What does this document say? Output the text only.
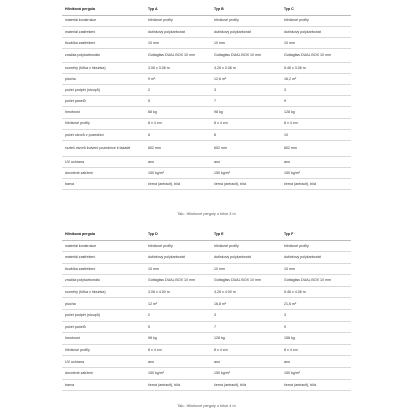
Hliníková pergola	Typ A	Typ B	Typ C
materiál konstrukce	hliníkové profily	hliníkové profily	hliníkové profily
materiál zastřešení	dutinkový polykarbonát	dutinkový polykarbonát	dutinkový polykarbonát
tloušťka zastřešení	10 mm	10 mm	10 mm
značka polykarbonátu	Guttagliss DUAL BOX 10 mm	Guttagliss DUAL BOX 10 mm	Guttagliss DUAL BOX 10 mm
rozměry (šířka x hloubka)	3.06 x 3.06 m	4.26 x 3.06 m	5.46 x 3.06 m
plocha	9 m²	12,6 m²	16,2 m²
počet podpěr (sloupů)	2	3	3
počet panelů	5	7	9
hmotnost	68 kg	98 kg	128 kg
hliníkové profily	8 x 4 cm	8 x 4 cm	8 x 4 cm
počet otvorů v pozednici	6	8	10
rozteč otvorů kotvení pozednice k fasádě	602 mm	602 mm	602 mm
UV ochrana	ano	ano	ano
dovolené zatížení	150 kg/m²	150 kg/m²	150 kg/m²
barva	černá (antracit), bílá	černá (antracit), bílá	černá (antracit), bílá
Tab.: Hliníkové pergoly o šířce 3 m
Hliníková pergola	Typ D	Typ E	Typ F
materiál konstrukce	hliníkové profily	hliníkové profily	hliníkové profily
materiál zastřešení	dutinkový polykarbonát	dutinkový polykarbonát	dutinkový polykarbonát
tloušťka zastřešení	10 mm	10 mm	10 mm
značka polykarbonátu	Guttagliss DUAL BOX 10 mm	Guttagliss DUAL BOX 10 mm	Guttagliss DUAL BOX 10 mm
rozměry (šířka x hloubka)	3.06 x 4.00 m	4.26 x 4.00 m	5.46 x 4.06 m
plocha	12 m²	16,8 m²	21,6 m²
počet podpěr (sloupů)	2	3	3
počet panelů	5	7	9
hmotnost	98 kg	128 kg	158 kg
hliníkové profily	8 x 4 cm	8 x 4 cm	8 x 4 cm
UV ochrana	ano	ano	ano
dovolené zatížení	150 kg/m²	150 kg/m²	150 kg/m²
barva	černá (antracit), bílá	černá (antracit), bílá	černá (antracit), bílá
Tab.: Hliníkové pergoly o šířce 4 m
